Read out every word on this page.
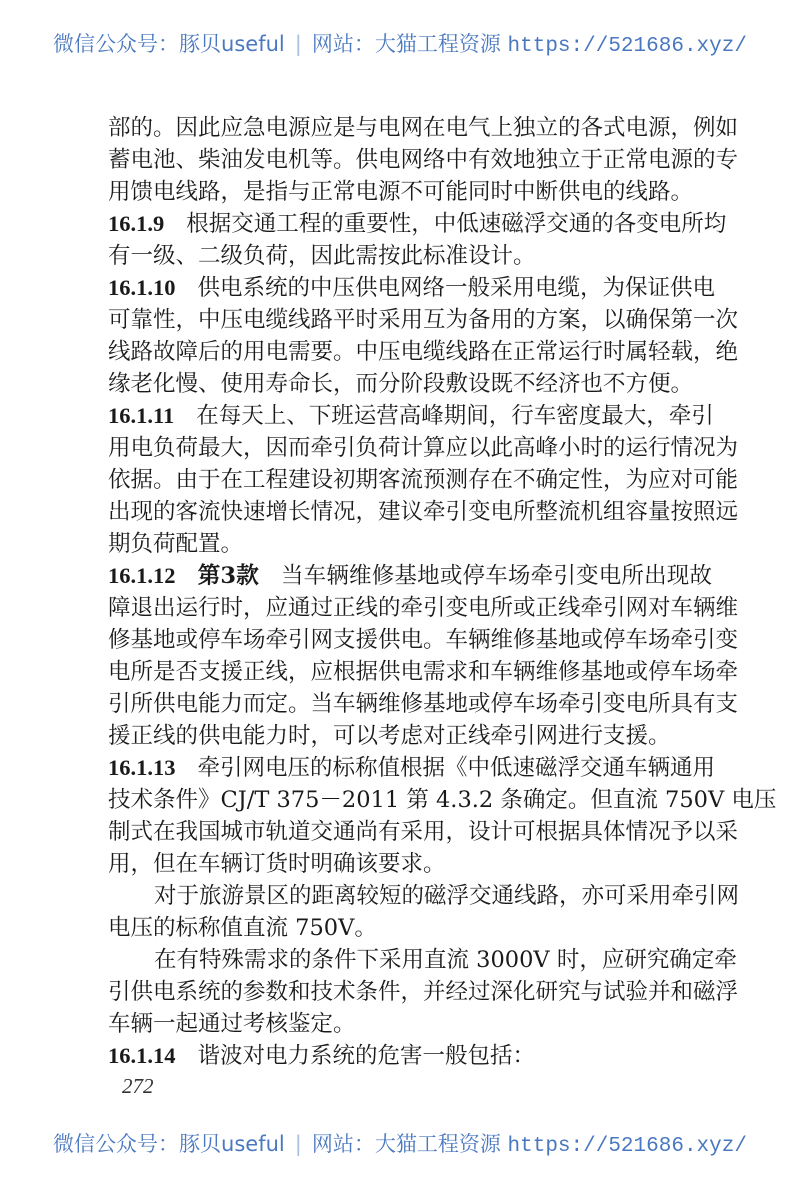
微信公众号：豚贝useful | 网站：大猫工程资源 https://521686.xyz/
部的。因此应急电源应是与电网在电气上独立的各式电源，例如
蓄电池、柴油发电机等。供电网络中有效地独立于正常电源的专
用馈电线路，是指与正常电源不可能同时中断供电的线路。
16.1.9 根据交通工程的重要性，中低速磁浮交通的各变电所均
有一级、二级负荷，因此需按此标准设计。
16.1.10 供电系统的中压供电网络一般采用电缆，为保证供电
可靠性，中压电缆线路平时采用互为备用的方案，以确保第一次
线路故障后的用电需要。中压电缆线路在正常运行时属轻载，绝
缘老化慢、使用寿命长，而分阶段敷设既不经济也不方便。
16.1.11 在每天上、下班运营高峰期间，行车密度最大，牵引
用电负荷最大，因而牵引负荷计算应以此高峰小时的运行情况为
依据。由于在工程建设初期客流预测存在不确定性，为应对可能
出现的客流快速增长情况，建议牵引变电所整流机组容量按照远
期负荷配置。
16.1.12 第3款 当车辆维修基地或停车场牵引变电所出现故
障退出运行时，应通过正线的牵引变电所或正线牵引网对车辆维
修基地或停车场牵引网支援供电。车辆维修基地或停车场牵引变
电所是否支援正线，应根据供电需求和车辆维修基地或停车场牵
引所供电能力而定。当车辆维修基地或停车场牵引变电所具有支
援正线的供电能力时，可以考虑对正线牵引网进行支援。
16.1.13 牵引网电压的标称值根据《中低速磁浮交通车辆通用
技术条件》CJ/T 375－2011 第 4.3.2 条确定。但直流 750V 电压
制式在我国城市轨道交通尚有采用，设计可根据具体情况予以采
用，但在车辆订货时明确该要求。
对于旅游景区的距离较短的磁浮交通线路，亦可采用牵引网
电压的标称值直流 750V。
在有特殊需求的条件下采用直流 3000V 时，应研究确定牵
引供电系统的参数和技术条件，并经过深化研究与试验并和磁浮
车辆一起通过考核鉴定。
16.1.14 谐波对电力系统的危害一般包括：
272
微信公众号：豚贝useful | 网站：大猫工程资源 https://521686.xyz/
